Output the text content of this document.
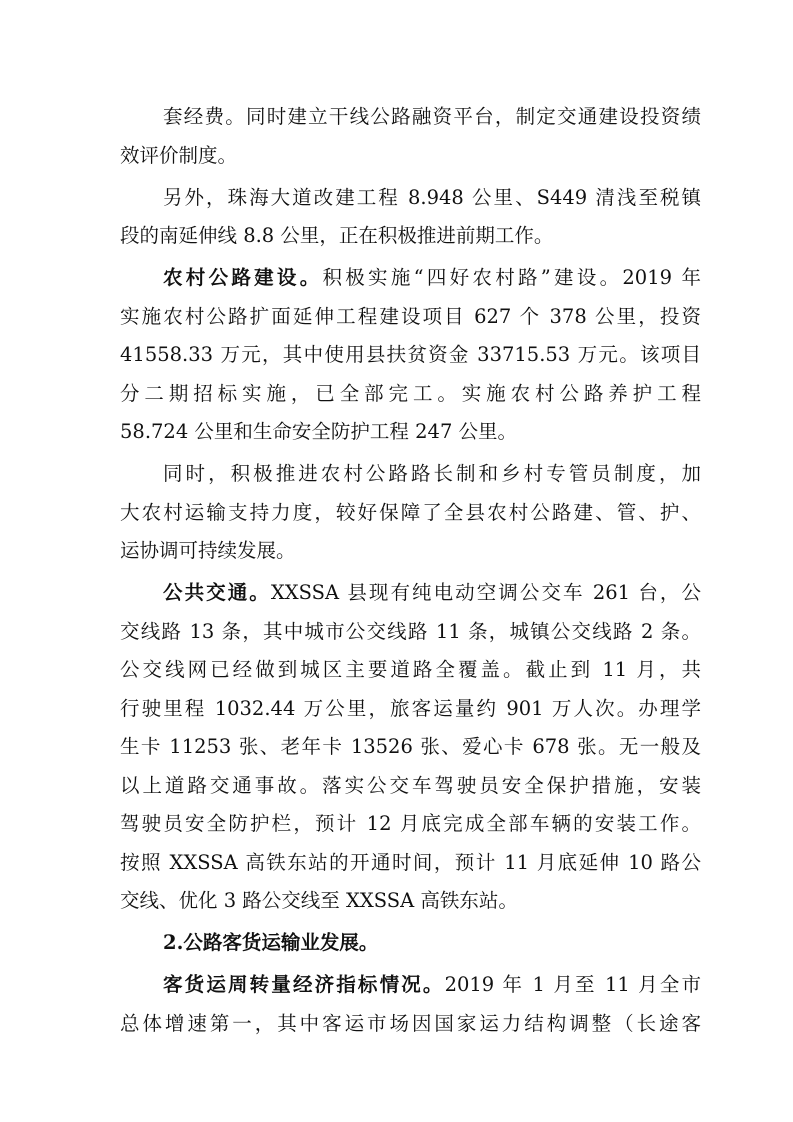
套经费。同时建立干线公路融资平台，制定交通建设投资绩
效评价制度。
另外，珠海大道改建工程 8.948 公里、S449 清浅至税镇
段的南延伸线 8.8 公里，正在积极推进前期工作。
农村公路建设。积极实施“四好农村路”建设。2019 年
实施农村公路扩面延伸工程建设项目 627 个 378 公里，投资
41558.33 万元，其中使用县扶贫资金 33715.53 万元。该项目
分二期招标实施，已全部完工。实施农村公路养护工程
58.724 公里和生命安全防护工程 247 公里。
同时，积极推进农村公路路长制和乡村专管员制度，加
大农村运输支持力度，较好保障了全县农村公路建、管、护、
运协调可持续发展。
公共交通。XXSSA 县现有纯电动空调公交车 261 台，公
交线路 13 条，其中城市公交线路 11 条，城镇公交线路 2 条。
公交线网已经做到城区主要道路全覆盖。截止到 11 月，共
行驶里程 1032.44 万公里，旅客运量约 901 万人次。办理学
生卡 11253 张、老年卡 13526 张、爱心卡 678 张。无一般及
以上道路交通事故。落实公交车驾驶员安全保护措施，安装
驾驶员安全防护栏，预计 12 月底完成全部车辆的安装工作。
按照 XXSSA 高铁东站的开通时间，预计 11 月底延伸 10 路公
交线、优化 3 路公交线至 XXSSA 高铁东站。
2.公路客货运输业发展。
客货运周转量经济指标情况。2019 年 1 月至 11 月全市
总体增速第一，其中客运市场因国家运力结构调整（长途客
